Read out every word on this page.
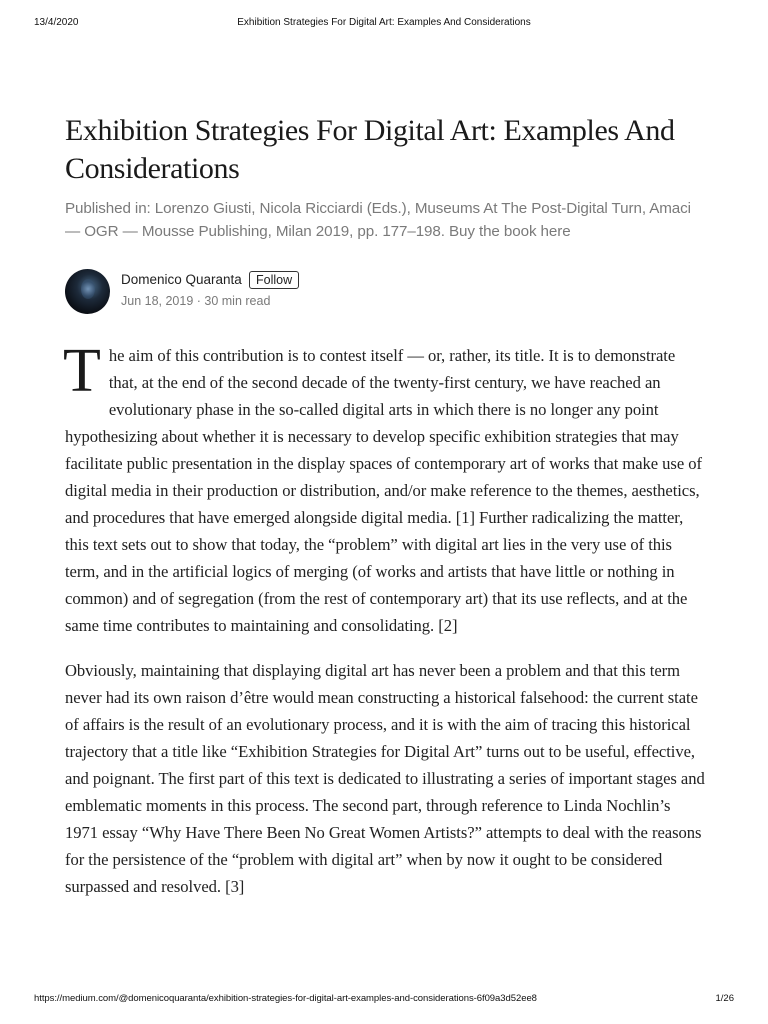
13/4/2020	Exhibition Strategies For Digital Art: Examples And Considerations
Exhibition Strategies For Digital Art: Examples And Considerations
Published in: Lorenzo Giusti, Nicola Ricciardi (Eds.), Museums At The Post-Digital Turn, Amaci — OGR — Mousse Publishing, Milan 2019, pp. 177–198. Buy the book here
Domenico Quaranta	Follow
Jun 18, 2019 · 30 min read

The aim of this contribution is to contest itself — or, rather, its title. It is to demonstrate that, at the end of the second decade of the twenty-first century, we have reached an evolutionary phase in the so-called digital arts in which there is no longer any point hypothesizing about whether it is necessary to develop specific exhibition strategies that may facilitate public presentation in the display spaces of contemporary art of works that make use of digital media in their production or distribution, and/or make reference to the themes, aesthetics, and procedures that have emerged alongside digital media. [1] Further radicalizing the matter, this text sets out to show that today, the “problem” with digital art lies in the very use of this term, and in the artificial logics of merging (of works and artists that have little or nothing in common) and of segregation (from the rest of contemporary art) that its use reflects, and at the same time contributes to maintaining and consolidating. [2]

Obviously, maintaining that displaying digital art has never been a problem and that this term never had its own raison d’être would mean constructing a historical falsehood: the current state of affairs is the result of an evolutionary process, and it is with the aim of tracing this historical trajectory that a title like “Exhibition Strategies for Digital Art” turns out to be useful, effective, and poignant. The first part of this text is dedicated to illustrating a series of important stages and emblematic moments in this process. The second part, through reference to Linda Nochlin’s 1971 essay “Why Have There Been No Great Women Artists?” attempts to deal with the reasons for the persistence of the “problem with digital art” when by now it ought to be considered surpassed and resolved. [3]

https://medium.com/@domenicoquaranta/exhibition-strategies-for-digital-art-examples-and-considerations-6f09a3d52ee8	1/26
